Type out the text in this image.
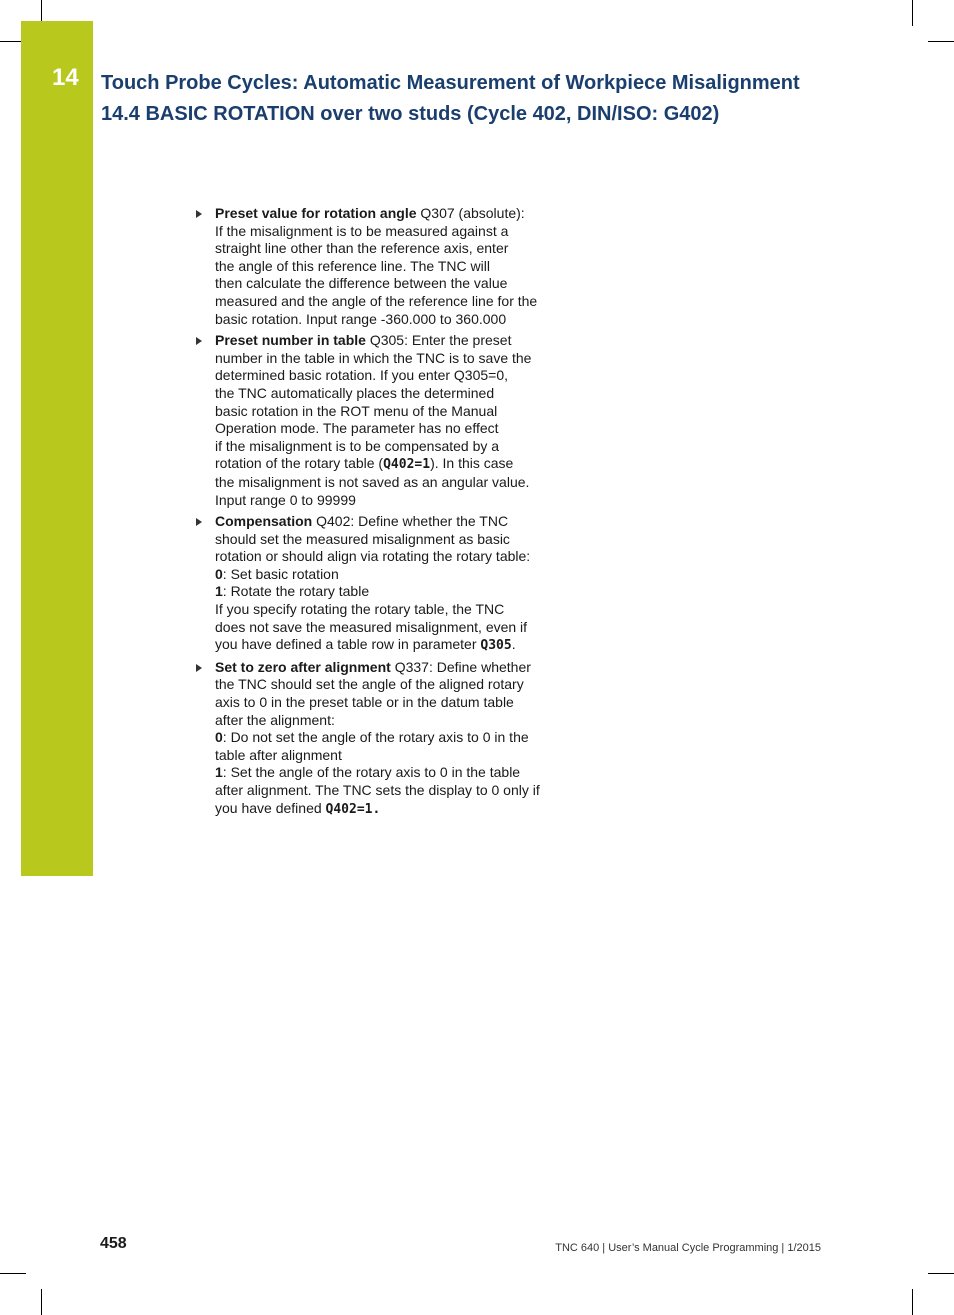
14 Touch Probe Cycles: Automatic Measurement of Workpiece Misalignment
14.4 BASIC ROTATION over two studs (Cycle 402, DIN/ISO: G402)
Preset value for rotation angle Q307 (absolute):
If the misalignment is to be measured against a
straight line other than the reference axis, enter
the angle of this reference line. The TNC will
then calculate the difference between the value
measured and the angle of the reference line for the
basic rotation. Input range -360.000 to 360.000
Preset number in table Q305: Enter the preset
number in the table in which the TNC is to save the
determined basic rotation. If you enter Q305=0,
the TNC automatically places the determined
basic rotation in the ROT menu of the Manual
Operation mode. The parameter has no effect
if the misalignment is to be compensated by a
rotation of the rotary table (Q402=1). In this case
the misalignment is not saved as an angular value.
Input range 0 to 99999
Compensation Q402: Define whether the TNC
should set the measured misalignment as basic
rotation or should align via rotating the rotary table:
0: Set basic rotation
1: Rotate the rotary table
If you specify rotating the rotary table, the TNC
does not save the measured misalignment, even if
you have defined a table row in parameter Q305.
Set to zero after alignment Q337: Define whether
the TNC should set the angle of the aligned rotary
axis to 0 in the preset table or in the datum table
after the alignment:
0: Do not set the angle of the rotary axis to 0 in the
table after alignment
1: Set the angle of the rotary axis to 0 in the table
after alignment. The TNC sets the display to 0 only if
you have defined Q402=1.
458	TNC 640 | User’s Manual Cycle Programming | 1/2015
